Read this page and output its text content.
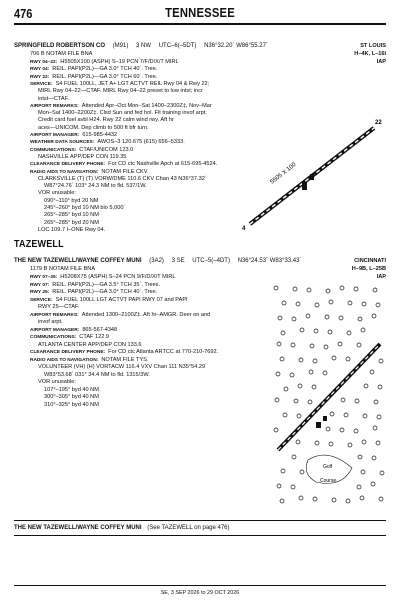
476	TENNESSEE
SPRINGFIELD ROBERTSON CO (M91) 3 NW UTC–6(–5DT) N36°32.20´ W86°55.27´	ST LOUIS
H–4K, L–16I
IAP
706 B NOTAM FILE BNA
RWY 04–22: H5505X100 (ASPH) S–19 PCN 7/F/D/X/T MIRL
RWY 04: REIL. PAPI(P2L)—GA 3.0° TCH 40´. Tree.
RWY 22: REIL. PAPI(P2L)—GA 3.0° TCH 60´. Tree.
SERVICE: S4 FUEL 100LL, JET A+ LGT ACTVT REIL Rwy 04 & Rwy 22;
MIRL Rwy 04–22—CTAF. MIRL Rwy 04–22 preset to low intst; incr
intst—CTAF.
AIRPORT REMARKS: Attended Apr–Oct Mon–Sat 1400–2300Z‡, Nov–Mar
Mon–Sat 1400–2200Z‡. Clsd Sun and fed hol. Flt training invof arpt.
Credit card fuel avbl H24. Rwy 22 calm wind rwy. Aft hr
aces—UNICOM. Dep climb to 500 ft bfr turn.
AIRPORT MANAGER: 615-985-4432
WEATHER DATA SOURCES: AWOS–3 120.675 (615) 656–5333.
COMMUNICATIONS: CTAF/UNICOM 123.0
NASHVILLE APP/DEP CON 119.35
CLEARANCE DELIVERY PHONE: For CD ctc Nashville Apch at 615-695-4524.
RADIO AIDS TO NAVIGATION: NOTAM FILE CKV.
CLARKSVILLE (T) (T) VORW/DME 110.6 CKV Chan 43 N36°37.32´
W87°24.76´ 103° 24.3 NM to fld. 537/1W.
VOR unusable:
090°–110° byd 20 NM
245°–260° byd 10 NM blo 5,000´
265°–285° byd 10 NM
265°–285° byd 20 NM
LOC 109.7 I–ONE Rwy 04.
5505 X 100
4
22
TAZEWELL
THE NEW TAZEWELL/WAYNE COFFEY MUNI (3A2) 3 SE UTC–5(–4DT) N36°24.53´ W83°33.43´	CINCINNATI
H–9B, L–25B
IAP
1179 B NOTAM FILE BNA
RWY 07–25: H5208X75 (ASPH) S–24 PCN 9/F/D/X/T MIRL
RWY 07: REIL. PAPI(P2L)—GA 3.5° TCH 35´. Trees.
RWY 25: REIL. PAPI(P2L)—GA 3.0° TCH 40´. Tree.
SERVICE: S4 FUEL 100LL LGT ACTVT PAPI RWY 07 and PAPI
RWY 25—CTAF.
AIRPORT REMARKS: Attended 1300–2100Z‡. Aft hr–AMGR. Deer on and
invof arpt.
AIRPORT MANAGER: 865-567-4348
COMMUNICATIONS: CTAF 122.9
ATLANTA CENTER APP/DEP CON 133.6
CLEARANCE DELIVERY PHONE: For CD ctc Atlanta ARTCC at 770-210-7692.
RADIO AIDS TO NAVIGATION: NOTAM FILE TYS.
VOLUNTEER (VH) (H) VORTACW 116.4 VXV Chan 111 N35°54.29´
W83°53.68´ 031° 34.4 NM to fld. 1315/3W.
VOR unusable:
107°–195° byd 40 NM
300°–305° byd 40 NM
310°–325° byd 40 NM
Golf
Course
THE NEW TAZEWELL/WAYNE COFFEY MUNI (See TAZEWELL on page 476)
SE, 3 SEP 2026 to 29 OCT 2026
